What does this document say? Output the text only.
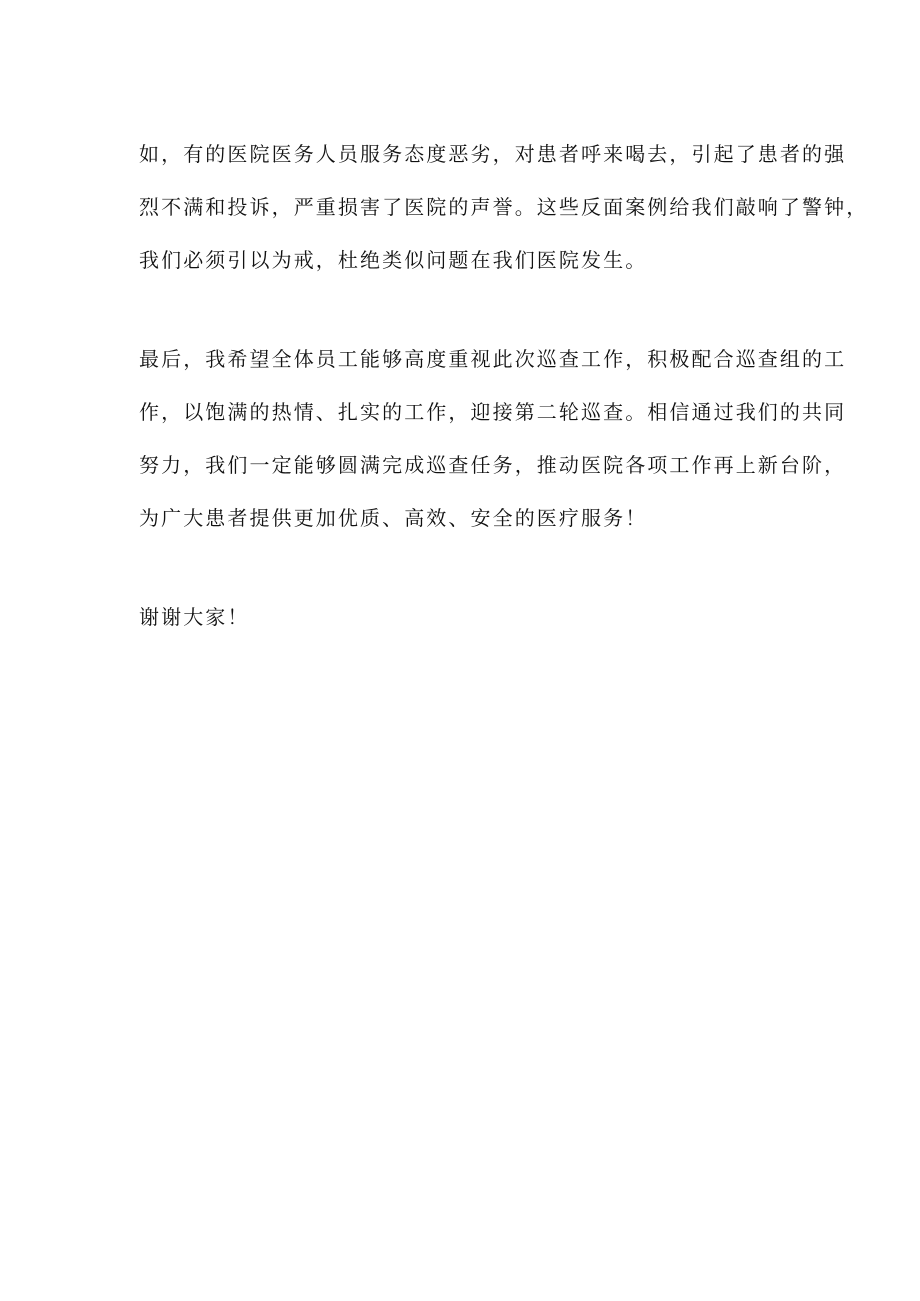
如，有的医院医务人员服务态度恶劣，对患者呼来喝去，引起了患者的强
烈不满和投诉，严重损害了医院的声誉。这些反面案例给我们敲响了警钟，
我们必须引以为戒，杜绝类似问题在我们医院发生。
最后，我希望全体员工能够高度重视此次巡查工作，积极配合巡查组的工
作，以饱满的热情、扎实的工作，迎接第二轮巡查。相信通过我们的共同
努力，我们一定能够圆满完成巡查任务，推动医院各项工作再上新台阶，
为广大患者提供更加优质、高效、安全的医疗服务！
谢谢大家！
